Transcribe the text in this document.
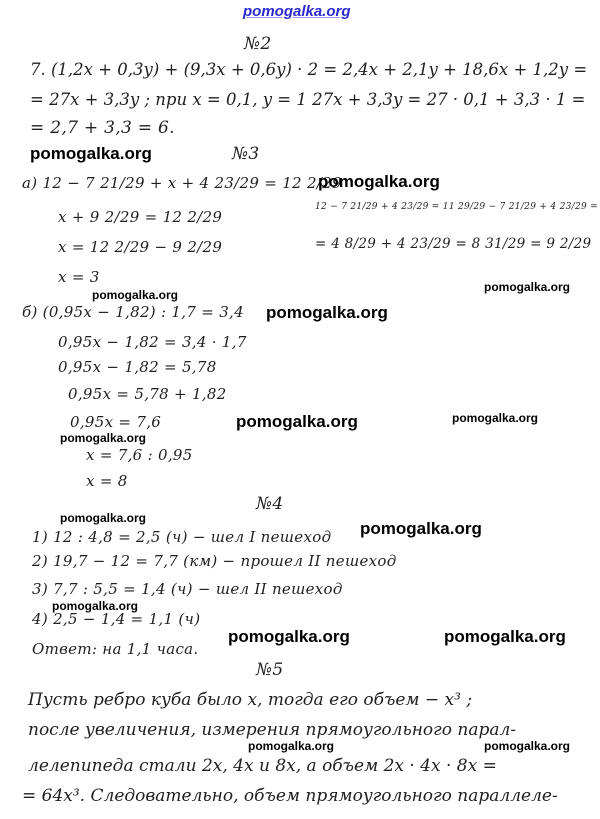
pomogalka.org
№2
7. (1,2x + 0,3y) + (9,3x + 0,6y) · 2 = 2,4x + 2,1y + 18,6x + 1,2y =
= 27x + 3,3y ; при x = 0,1, y = 1 27x + 3,3y = 27 · 0,1 + 3,3 · 1 =
= 2,7 + 3,3 = 6.
pomogalka.org	№3
а) 12 − 7 21/29 + x + 4 23/29 = 12 2/29
pomogalka.org
12 − 7 21/29 + 4 23/29 = 11 29/29 − 7 21/29 + 4 23/29 =
x + 9 2/29 = 12 2/29
= 4 8/29 + 4 23/29 = 8 31/29 = 9 2/29
x = 12 2/29 − 9 2/29
x = 3
pomogalka.org
pomogalka.org
б) (0,95x − 1,82) : 1,7 = 3,4 pomogalka.org
0,95x − 1,82 = 3,4 · 1,7
0,95x − 1,82 = 5,78
0,95x = 5,78 + 1,82
pomogalka.org	pomogalka.org
0,95x = 7,6
pomogalka.org
x = 7,6 : 0,95
x = 8
№4
pomogalka.org
pomogalka.org
1) 12 : 4,8 = 2,5 (ч) − шел I пешеход
2) 19,7 − 12 = 7,7 (км) − прошел II пешеход
3) 7,7 : 5,5 = 1,4 (ч) − шел II пешеход
pomogalka.org
4) 2,5 − 1,4 = 1,1 (ч)
pomogalka.org	pomogalka.org
Ответ: на 1,1 часа.
№5
Пусть ребро куба было x, тогда его объем − x³ ;
после увеличения, измерения прямоугольного парал-
pomogalka.org	pomogalka.org
лелепипеда стали 2x, 4x и 8x, а объем 2x · 4x · 8x =
= 64x³. Следовательно, объем прямоугольного параллеле-
